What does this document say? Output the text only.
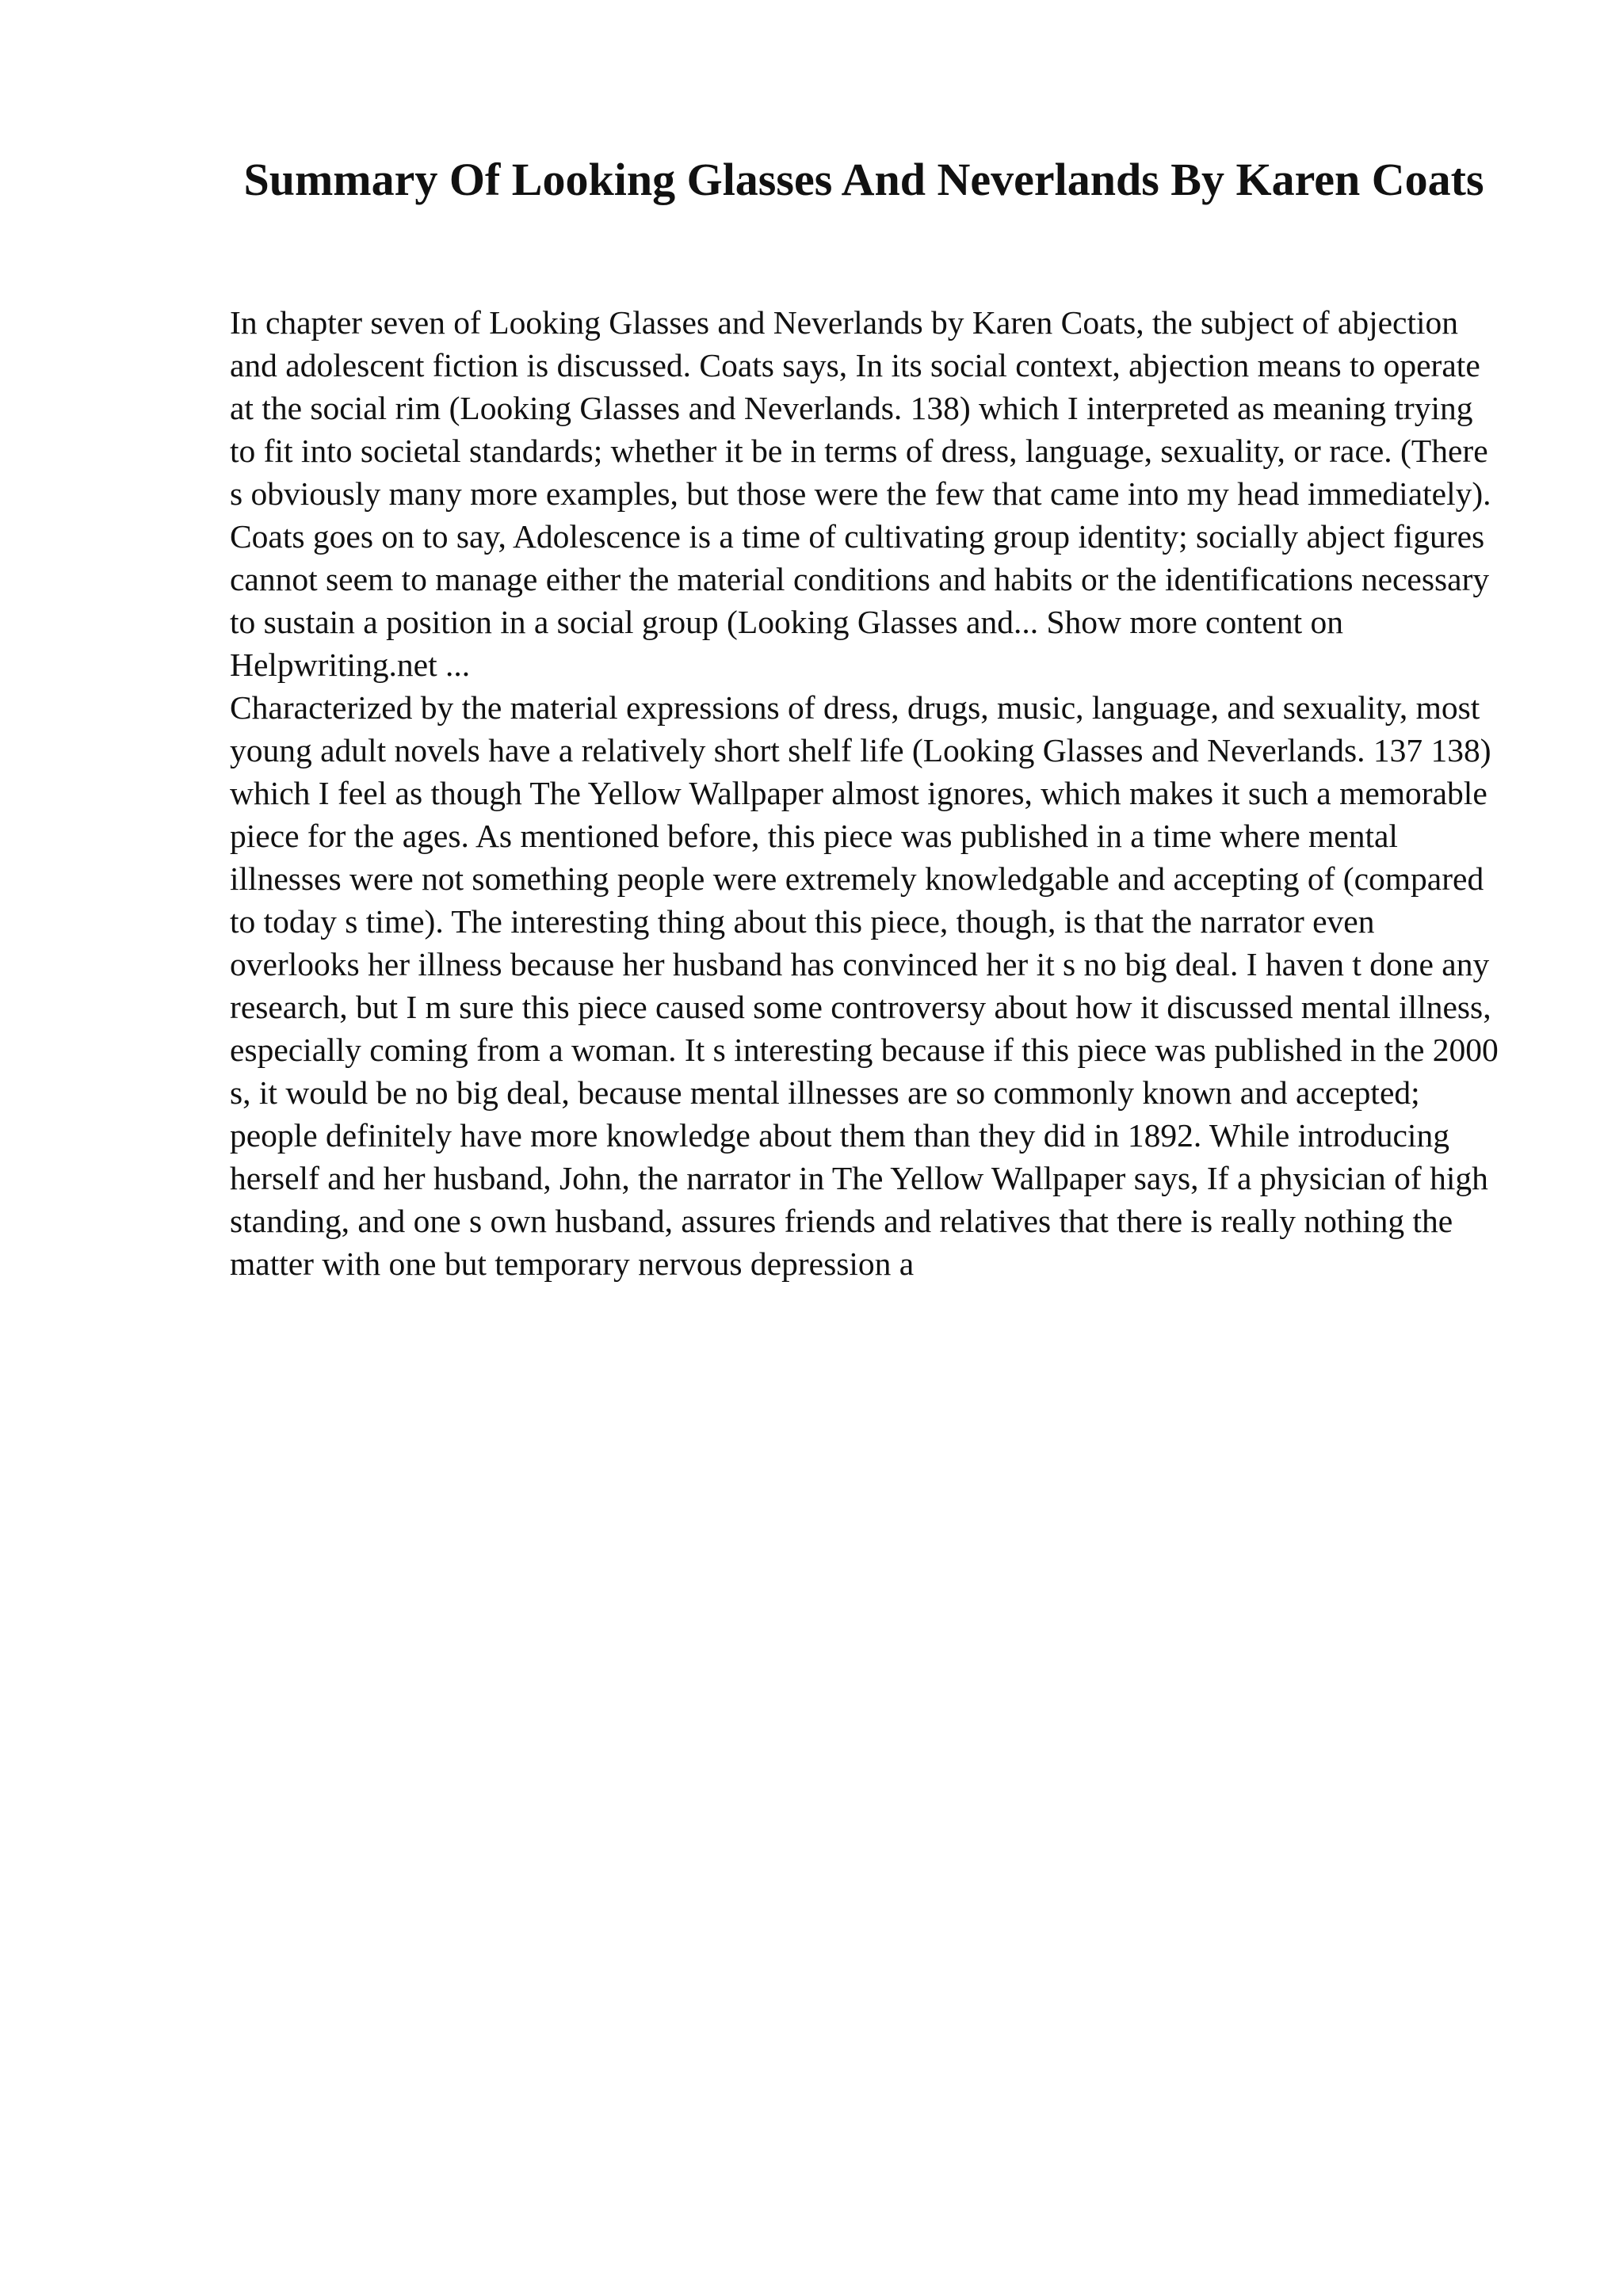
Summary Of Looking Glasses And Neverlands By Karen Coats

In chapter seven of Looking Glasses and Neverlands by Karen Coats, the subject of abjection and adolescent fiction is discussed. Coats says, In its social context, abjection means to operate at the social rim (Looking Glasses and Neverlands. 138) which I interpreted as meaning trying to fit into societal standards; whether it be in terms of dress, language, sexuality, or race. (There s obviously many more examples, but those were the few that came into my head immediately). Coats goes on to say, Adolescence is a time of cultivating group identity; socially abject figures cannot seem to manage either the material conditions and habits or the identifications necessary to sustain a position in a social group (Looking Glasses and... Show more content on Helpwriting.net ...

Characterized by the material expressions of dress, drugs, music, language, and sexuality, most young adult novels have a relatively short shelf life (Looking Glasses and Neverlands. 137 138) which I feel as though The Yellow Wallpaper almost ignores, which makes it such a memorable piece for the ages. As mentioned before, this piece was published in a time where mental illnesses were not something people were extremely knowledgable and accepting of (compared to today s time). The interesting thing about this piece, though, is that the narrator even overlooks her illness because her husband has convinced her it s no big deal. I haven t done any research, but I m sure this piece caused some controversy about how it discussed mental illness, especially coming from a woman. It s interesting because if this piece was published in the 2000 s, it would be no big deal, because mental illnesses are so commonly known and accepted; people definitely have more knowledge about them than they did in 1892. While introducing herself and her husband, John, the narrator in The Yellow Wallpaper says, If a physician of high standing, and one s own husband, assures friends and relatives that there is really nothing the matter with one but temporary nervous depression a
